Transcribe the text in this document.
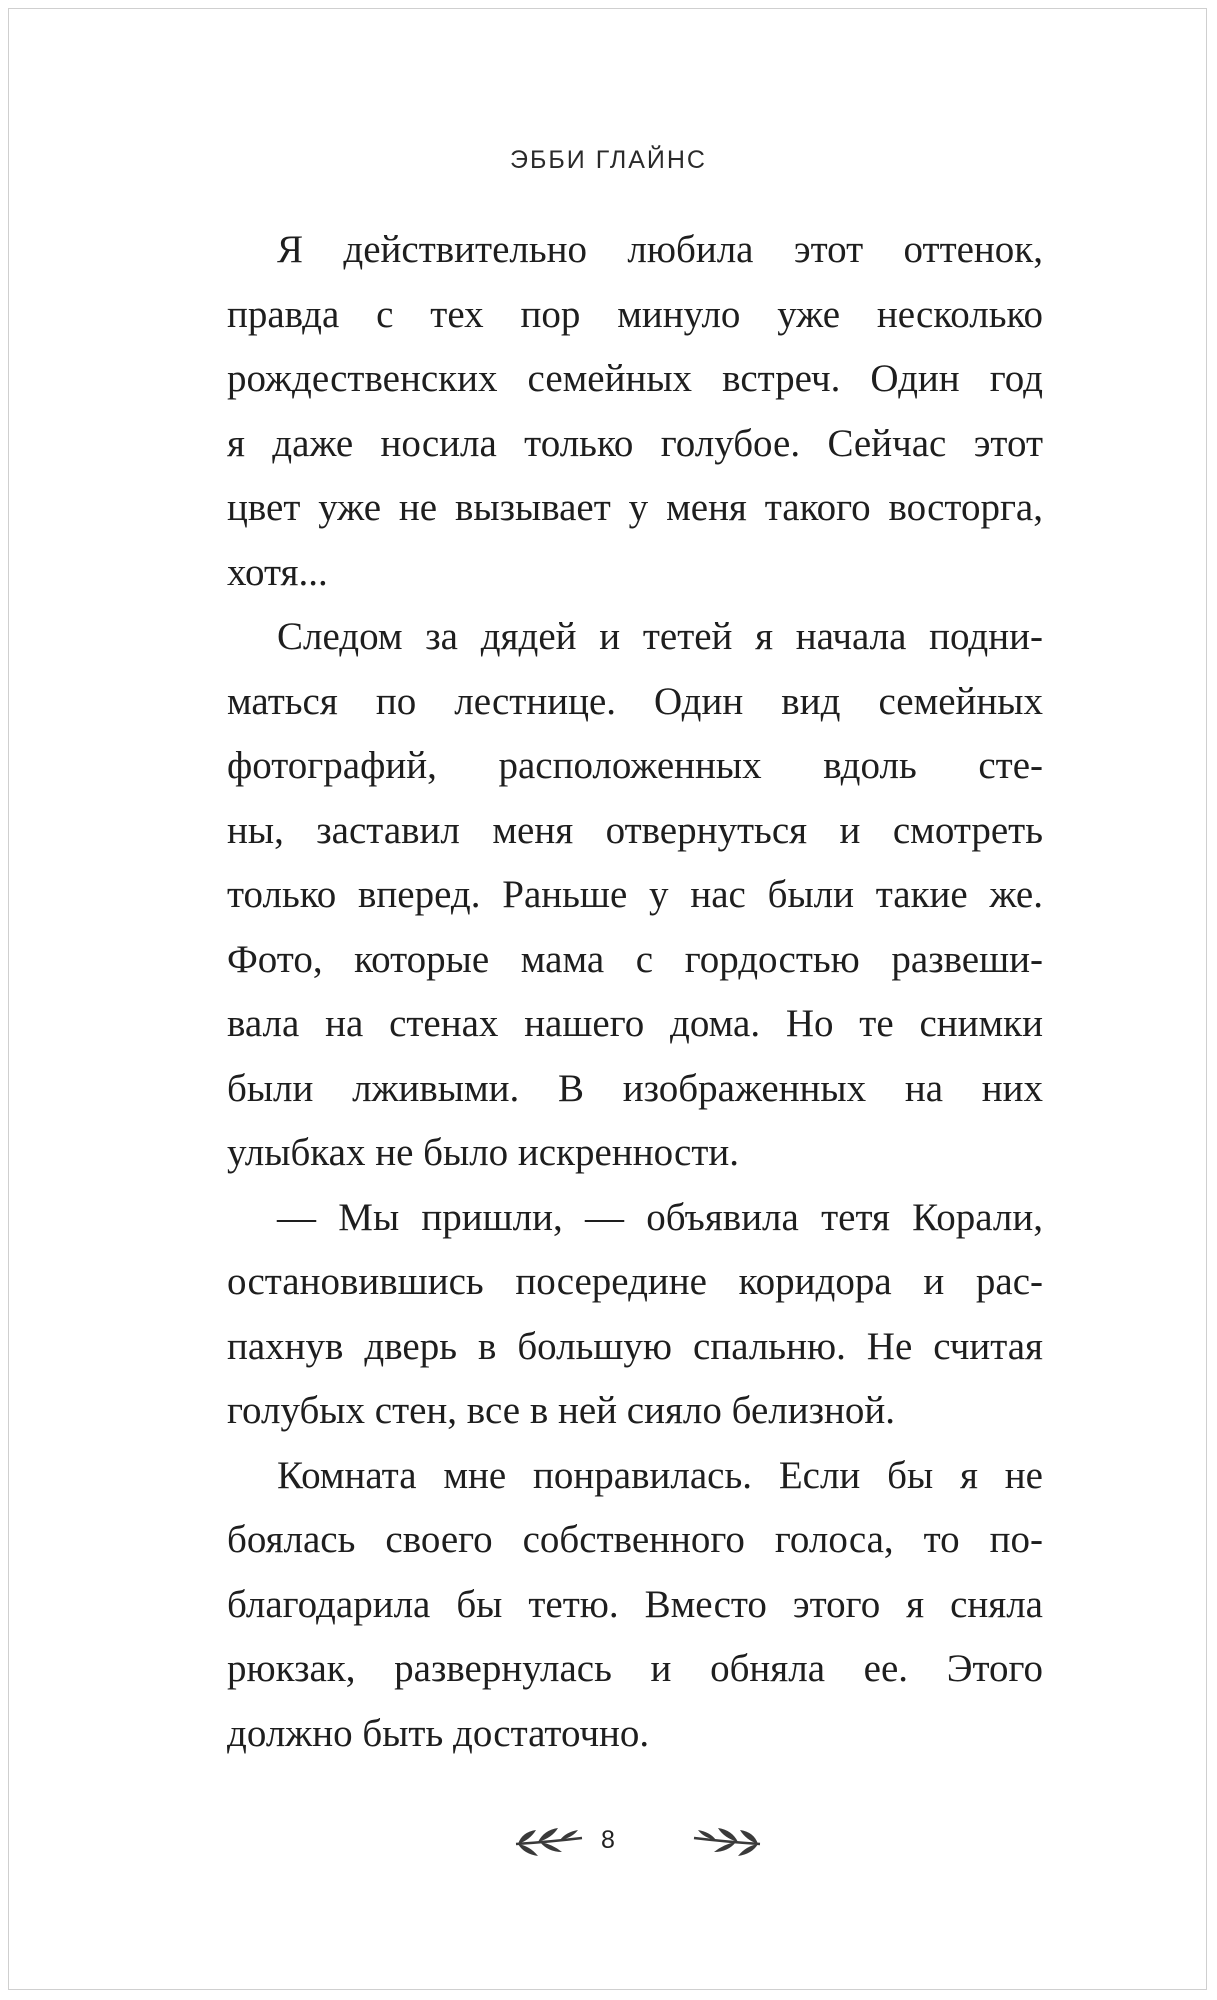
ЭББИ ГЛАЙНС
Я действительно любила этот оттенок,
правда с тех пор минуло уже несколько
рождественских семейных встреч. Один год
я даже носила только голубое. Сейчас этот
цвет уже не вызывает у меня такого восторга,
хотя...
Следом за дядей и тетей я начала подни-
маться по лестнице. Один вид семейных
фотографий, расположенных вдоль сте-
ны, заставил меня отвернуться и смотреть
только вперед. Раньше у нас были такие же.
Фото, которые мама с гордостью развеши-
вала на стенах нашего дома. Но те снимки
были лживыми. В изображенных на них
улыбках не было искренности.
— Мы пришли, — объявила тетя Корали,
остановившись посередине коридора и рас-
пахнув дверь в большую спальню. Не считая
голубых стен, все в ней сияло белизной.
Комната мне понравилась. Если бы я не
боялась своего собственного голоса, то по-
благодарила бы тетю. Вместо этого я сняла
рюкзак, развернулась и обняла ее. Этого
должно быть достаточно.
8
